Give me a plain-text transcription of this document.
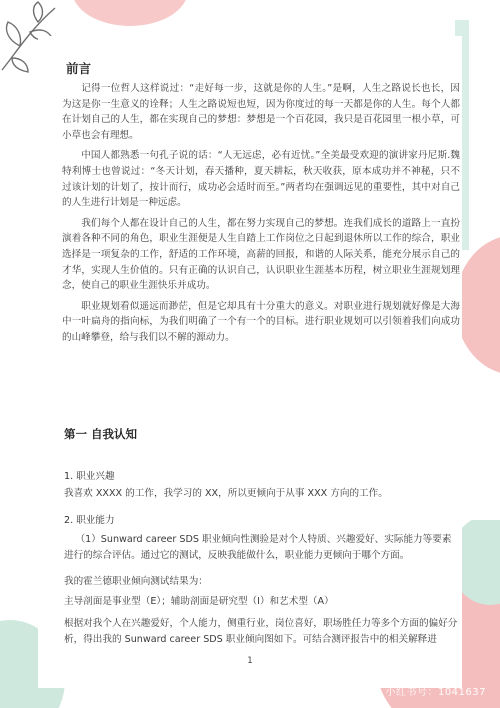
前言

记得一位哲人这样说过：“走好每一步，这就是你的人生。”是啊，人生之路说长也长，因为这是你一生意义的诠释；人生之路说短也短，因为你度过的每一天都是你的人生。每个人都在计划自己的人生，都在实现自己的梦想：梦想是一个百花园，我只是百花园里一根小草，可小草也会有理想。

中国人都熟悉一句孔子说的话：“人无远虑，必有近忧。”全美最受欢迎的演讲家丹尼斯.魏特利博士也曾说过：“冬天计划，春天播种，夏天耕耘，秋天收获，原本成功并不神秘，只不过该计划的计划了，按计而行，成功必会适时而至。”两者均在强调远见的重要性，其中对自己的人生进行计划是一种远虑。

我们每个人都在设计自己的人生，都在努力实现自己的梦想。连我们成长的道路上一直扮演着各种不同的角色，职业生涯便是人生自踏上工作岗位之日起到退休所以工作的综合，职业选择是一项复杂的工作，舒适的工作环境，高薪的回报，和谐的人际关系，能充分展示自己的才华，实现人生价值的。只有正确的认识自己，认识职业生涯基本历程，树立职业生涯规划理念，使自己的职业生涯快乐并成功。

职业规划看似遥远而渺茫，但是它却具有十分重大的意义。对职业进行规划就好像是大海中一叶扁舟的指向标，为我们明确了一个有一个的目标。进行职业规划可以引领着我们向成功的山峰攀登，给与我们以不解的源动力。

第一 自我认知
1. 职业兴趣
我喜欢 XXXX 的工作，我学习的 XX，所以更倾向于从事 XXX 方向的工作。
2. 职业能力
（1）Sunward career SDS 职业倾向性测验是对个人特质、兴趣爱好、实际能力等要素进行的综合评估。通过它的测试，反映我能做什么，职业能力更倾向于哪个方面。
我的霍兰德职业倾向测试结果为：
主导剖面是事业型（E）；辅助剖面是研究型（I）和艺术型（A）
根据对我个人在兴趣爱好，个人能力，侧重行业，岗位喜好，职场胜任力等多个方面的偏好分析，得出我的 Sunward career SDS 职业倾向图如下。可结合测评报告中的相关解释进
1
小红书号：1041637
